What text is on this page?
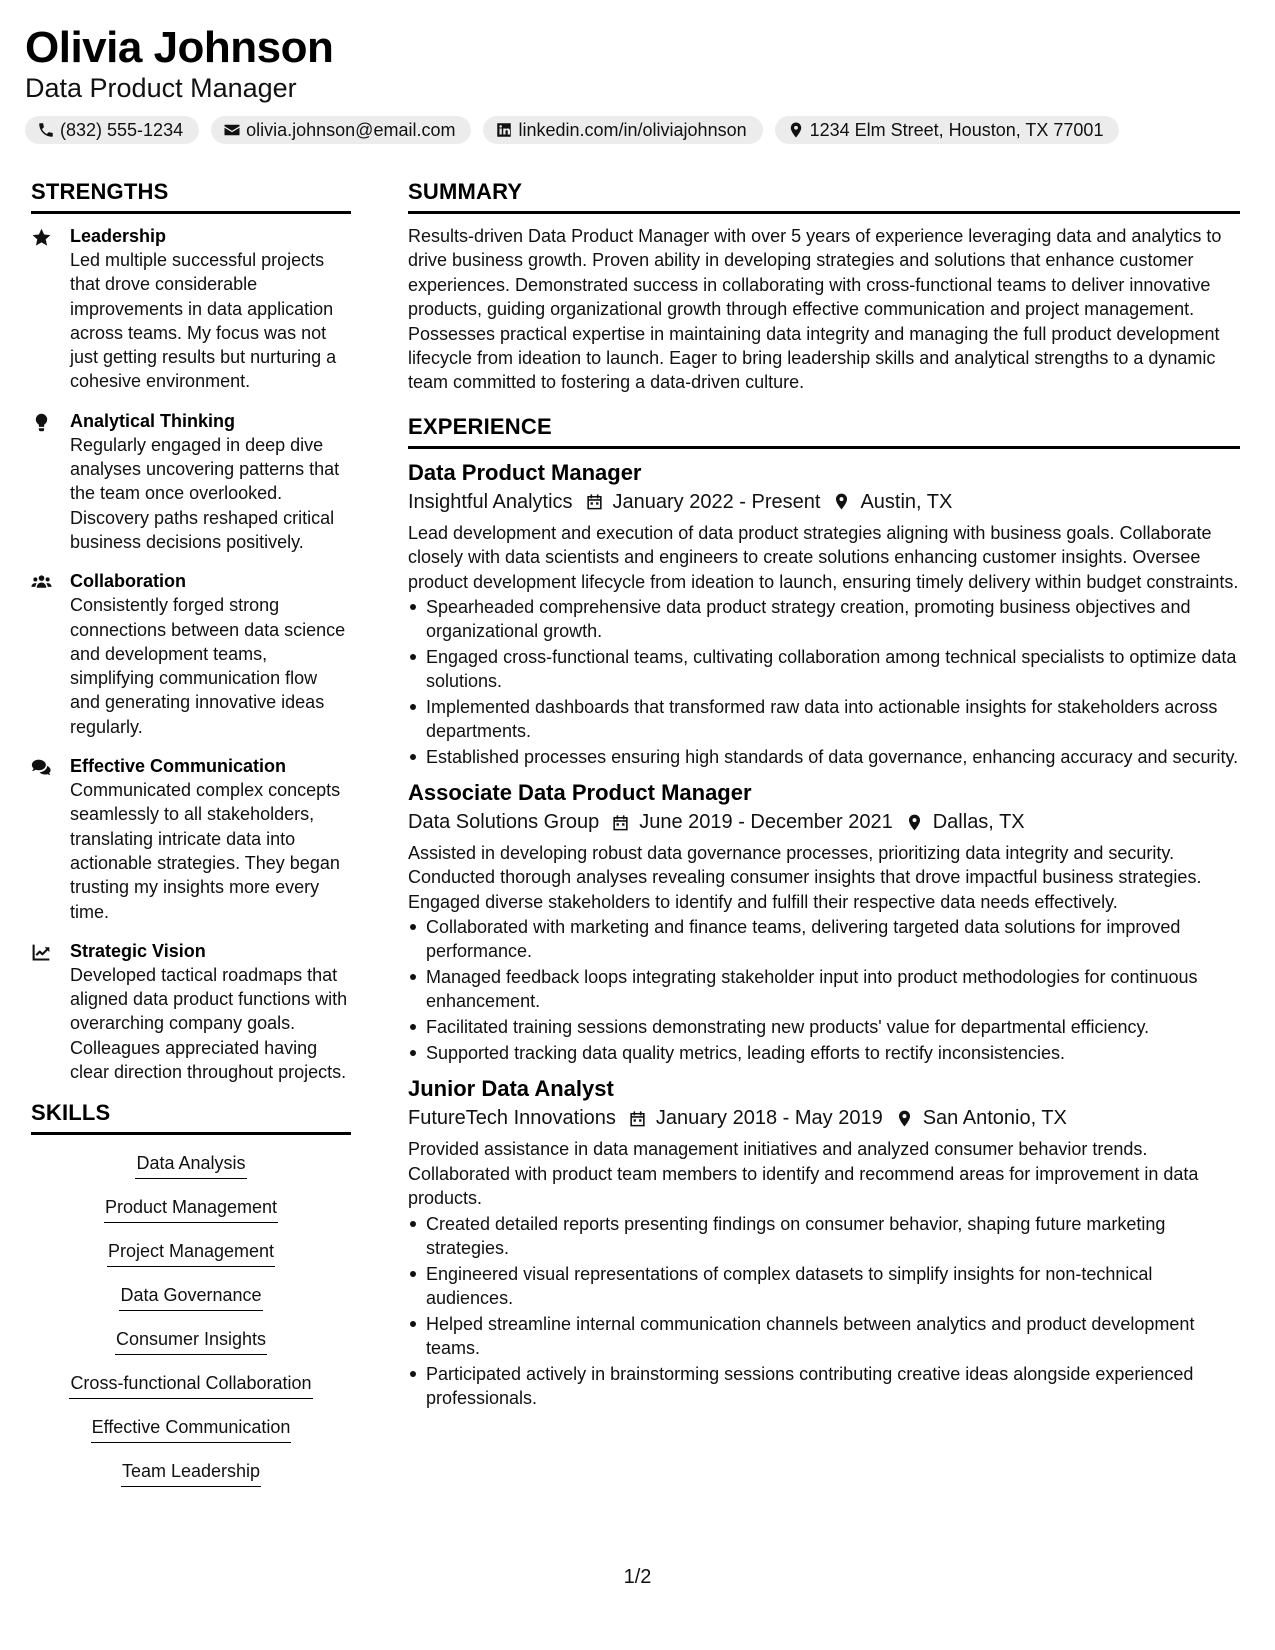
Olivia Johnson
Data Product Manager
(832) 555-1234	olivia.johnson@email.com	linkedin.com/in/oliviajohnson	1234 Elm Street, Houston, TX 77001
STRENGTHS
Leadership
Led multiple successful projects that drove considerable improvements in data application across teams. My focus was not just getting results but nurturing a cohesive environment.
Analytical Thinking
Regularly engaged in deep dive analyses uncovering patterns that the team once overlooked. Discovery paths reshaped critical business decisions positively.
Collaboration
Consistently forged strong connections between data science and development teams, simplifying communication flow and generating innovative ideas regularly.
Effective Communication
Communicated complex concepts seamlessly to all stakeholders, translating intricate data into actionable strategies. They began trusting my insights more every time.
Strategic Vision
Developed tactical roadmaps that aligned data product functions with overarching company goals. Colleagues appreciated having clear direction throughout projects.
SKILLS
Data Analysis
Product Management
Project Management
Data Governance
Consumer Insights
Cross-functional Collaboration
Effective Communication
Team Leadership
SUMMARY
Results-driven Data Product Manager with over 5 years of experience leveraging data and analytics to drive business growth. Proven ability in developing strategies and solutions that enhance customer experiences. Demonstrated success in collaborating with cross-functional teams to deliver innovative products, guiding organizational growth through effective communication and project management. Possesses practical expertise in maintaining data integrity and managing the full product development lifecycle from ideation to launch. Eager to bring leadership skills and analytical strengths to a dynamic team committed to fostering a data-driven culture.
EXPERIENCE
Data Product Manager
Insightful Analytics January 2022 - Present Austin, TX
Lead development and execution of data product strategies aligning with business goals. Collaborate closely with data scientists and engineers to create solutions enhancing customer insights. Oversee product development lifecycle from ideation to launch, ensuring timely delivery within budget constraints.
Spearheaded comprehensive data product strategy creation, promoting business objectives and organizational growth.
Engaged cross-functional teams, cultivating collaboration among technical specialists to optimize data solutions.
Implemented dashboards that transformed raw data into actionable insights for stakeholders across departments.
Established processes ensuring high standards of data governance, enhancing accuracy and security.
Associate Data Product Manager
Data Solutions Group June 2019 - December 2021 Dallas, TX
Assisted in developing robust data governance processes, prioritizing data integrity and security. Conducted thorough analyses revealing consumer insights that drove impactful business strategies. Engaged diverse stakeholders to identify and fulfill their respective data needs effectively.
Collaborated with marketing and finance teams, delivering targeted data solutions for improved performance.
Managed feedback loops integrating stakeholder input into product methodologies for continuous enhancement.
Facilitated training sessions demonstrating new products' value for departmental efficiency.
Supported tracking data quality metrics, leading efforts to rectify inconsistencies.
Junior Data Analyst
FutureTech Innovations January 2018 - May 2019 San Antonio, TX
Provided assistance in data management initiatives and analyzed consumer behavior trends. Collaborated with product team members to identify and recommend areas for improvement in data products.
Created detailed reports presenting findings on consumer behavior, shaping future marketing strategies.
Engineered visual representations of complex datasets to simplify insights for non-technical audiences.
Helped streamline internal communication channels between analytics and product development teams.
Participated actively in brainstorming sessions contributing creative ideas alongside experienced professionals.
1/2
